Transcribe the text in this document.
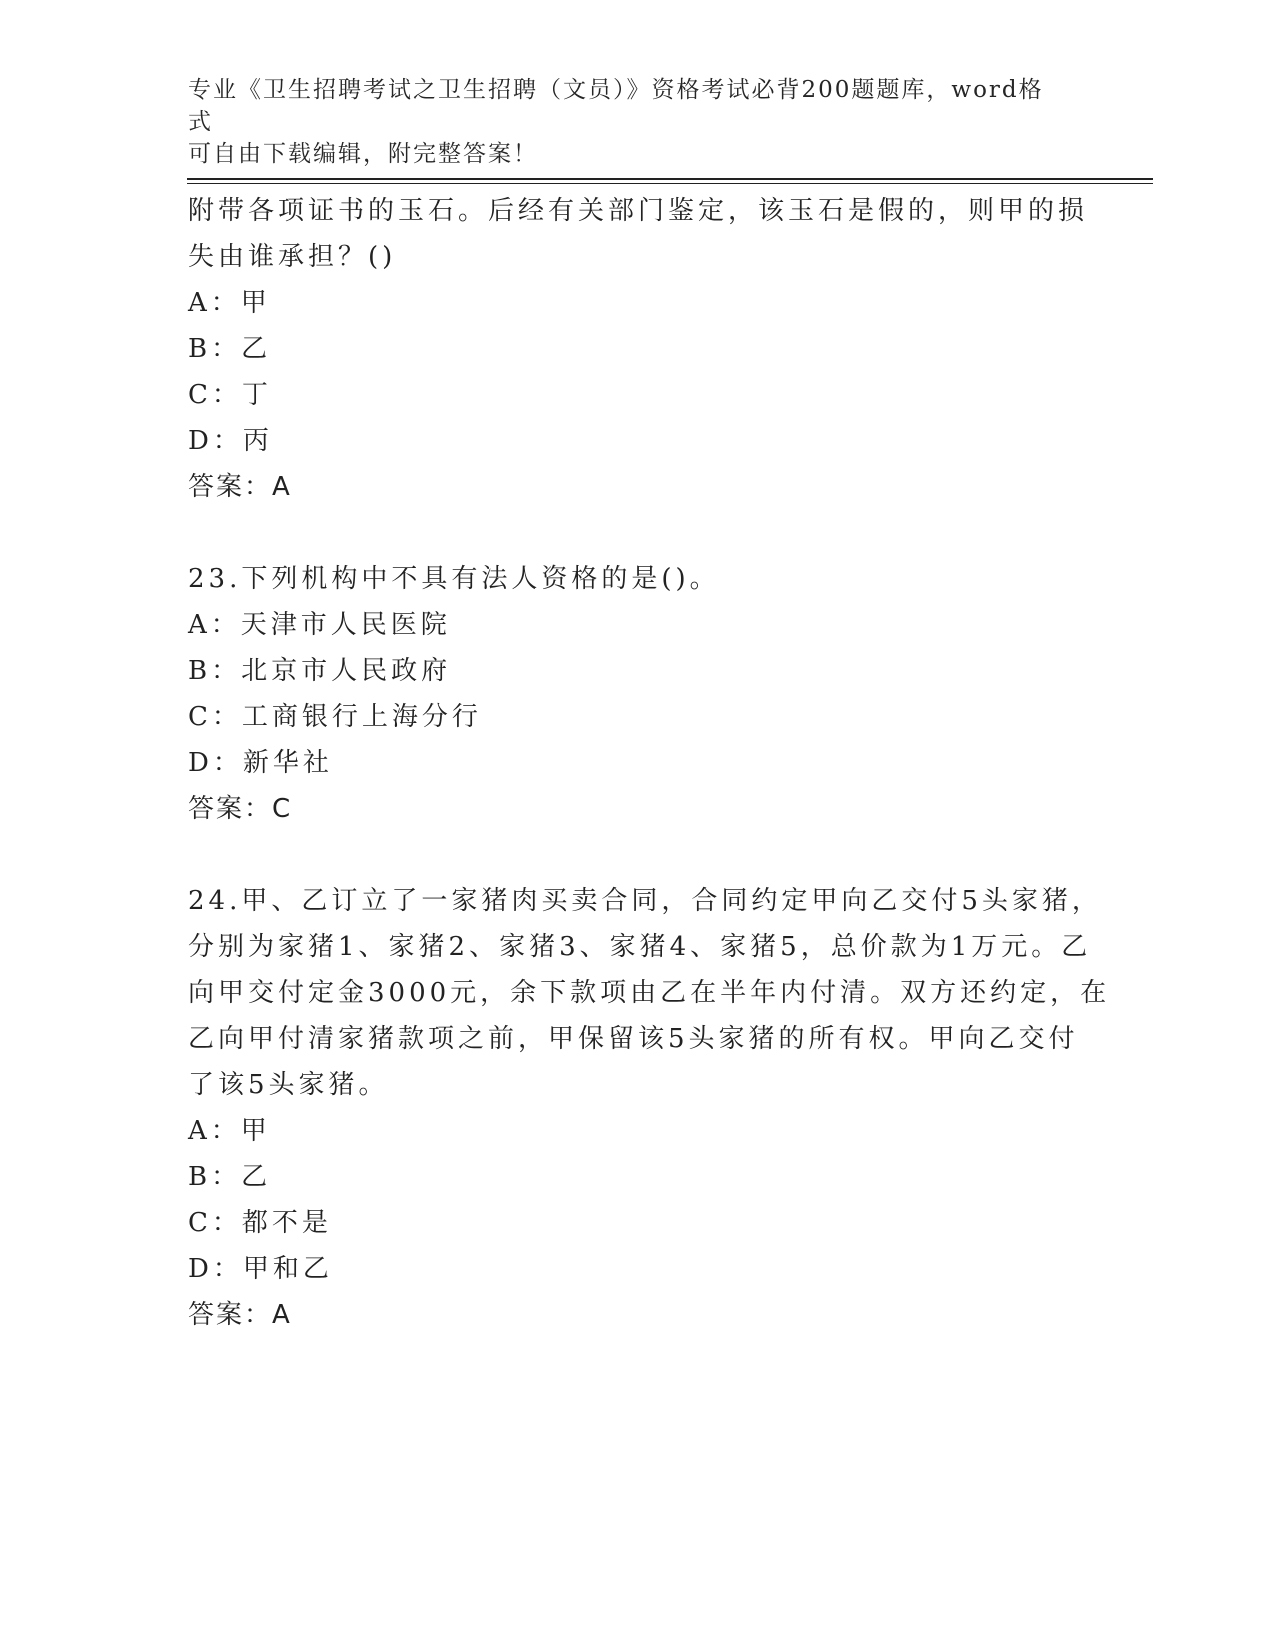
专业《卫生招聘考试之卫生招聘（文员）》资格考试必背200题题库，word格式
可自由下载编辑，附完整答案！
附带各项证书的玉石。后经有关部门鉴定，该玉石是假的，则甲的损
失由谁承担？()
A：甲
B：乙
C：丁
D：丙
答案：A
23.下列机构中不具有法人资格的是()。
A：天津市人民医院
B：北京市人民政府
C：工商银行上海分行
D：新华社
答案：C
24.甲、乙订立了一家猪肉买卖合同，合同约定甲向乙交付5头家猪，
分别为家猪1、家猪2、家猪3、家猪4、家猪5，总价款为1万元。乙
向甲交付定金3000元，余下款项由乙在半年内付清。双方还约定，在
乙向甲付清家猪款项之前，甲保留该5头家猪的所有权。甲向乙交付
了该5头家猪。
A：甲
B：乙
C：都不是
D：甲和乙
答案：A
